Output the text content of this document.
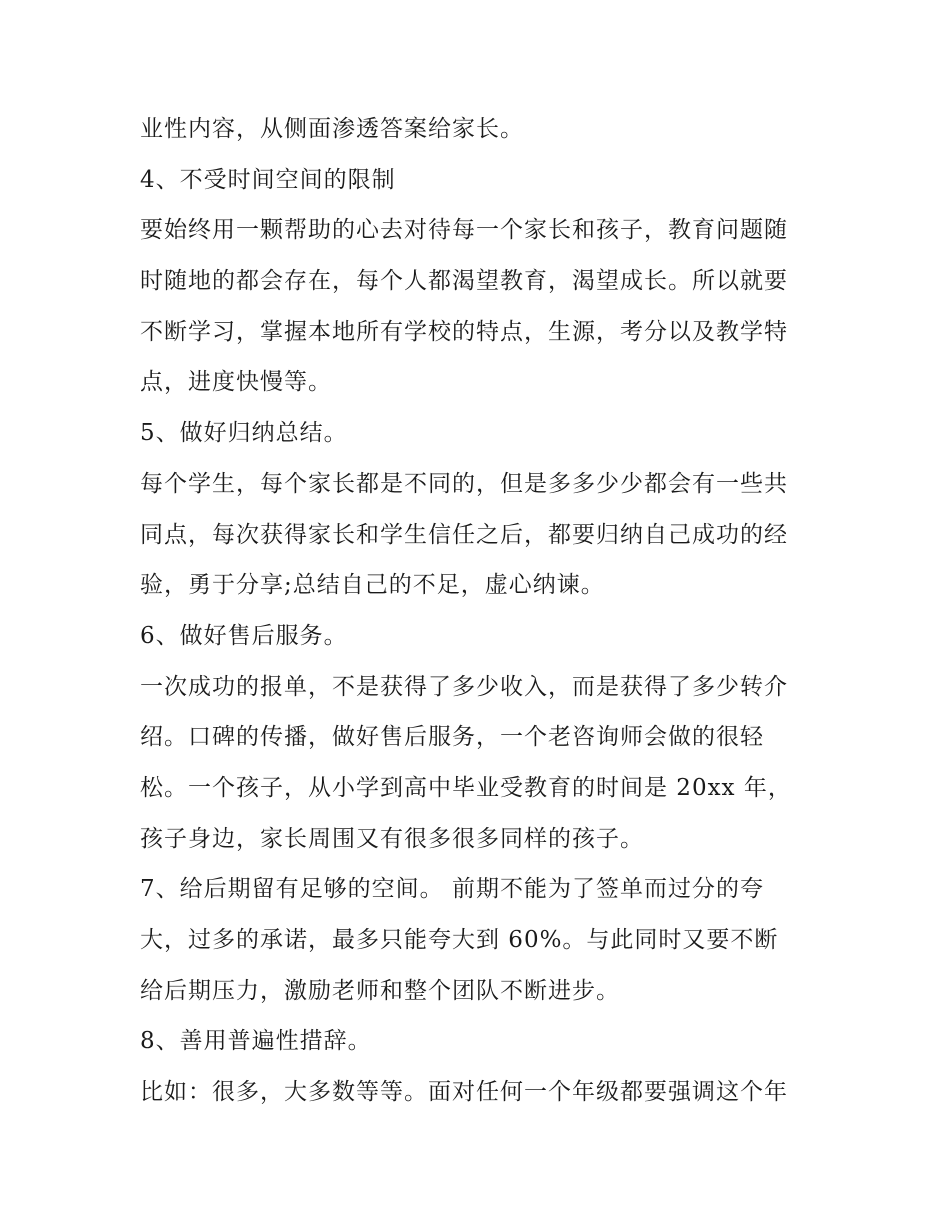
业性内容，从侧面渗透答案给家长。
4、不受时间空间的限制
要始终用一颗帮助的心去对待每一个家长和孩子，教育问题随
时随地的都会存在，每个人都渴望教育，渴望成长。所以就要
不断学习，掌握本地所有学校的特点，生源，考分以及教学特
点，进度快慢等。
5、做好归纳总结。
每个学生，每个家长都是不同的，但是多多少少都会有一些共
同点，每次获得家长和学生信任之后，都要归纳自己成功的经
验，勇于分享;总结自己的不足，虚心纳谏。
6、做好售后服务。
一次成功的报单，不是获得了多少收入，而是获得了多少转介
绍。口碑的传播，做好售后服务，一个老咨询师会做的很轻
松。一个孩子，从小学到高中毕业受教育的时间是 20xx 年，
孩子身边，家长周围又有很多很多同样的孩子。
7、给后期留有足够的空间。 前期不能为了签单而过分的夸
大，过多的承诺，最多只能夸大到 60%。与此同时又要不断
给后期压力，激励老师和整个团队不断进步。
8、善用普遍性措辞。
比如：很多，大多数等等。面对任何一个年级都要强调这个年
